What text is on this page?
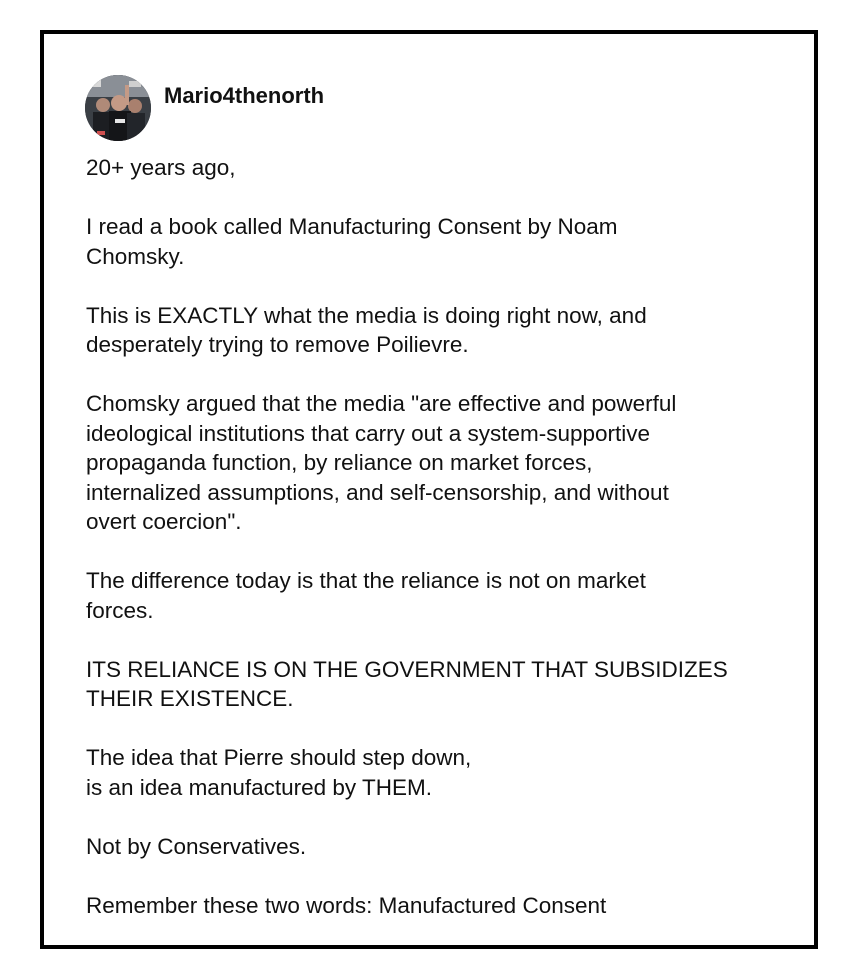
Mario4thenorth

20+ years ago,

I read a book called Manufacturing Consent by Noam
Chomsky.

This is EXACTLY what the media is doing right now, and
desperately trying to remove Poilievre.

Chomsky argued that the media "are effective and powerful
ideological institutions that carry out a system-supportive
propaganda function, by reliance on market forces,
internalized assumptions, and self-censorship, and without
overt coercion".

The difference today is that the reliance is not on market
forces.

ITS RELIANCE IS ON THE GOVERNMENT THAT SUBSIDIZES
THEIR EXISTENCE.

The idea that Pierre should step down,
is an idea manufactured by THEM.

Not by Conservatives.

Remember these two words: Manufactured Consent
